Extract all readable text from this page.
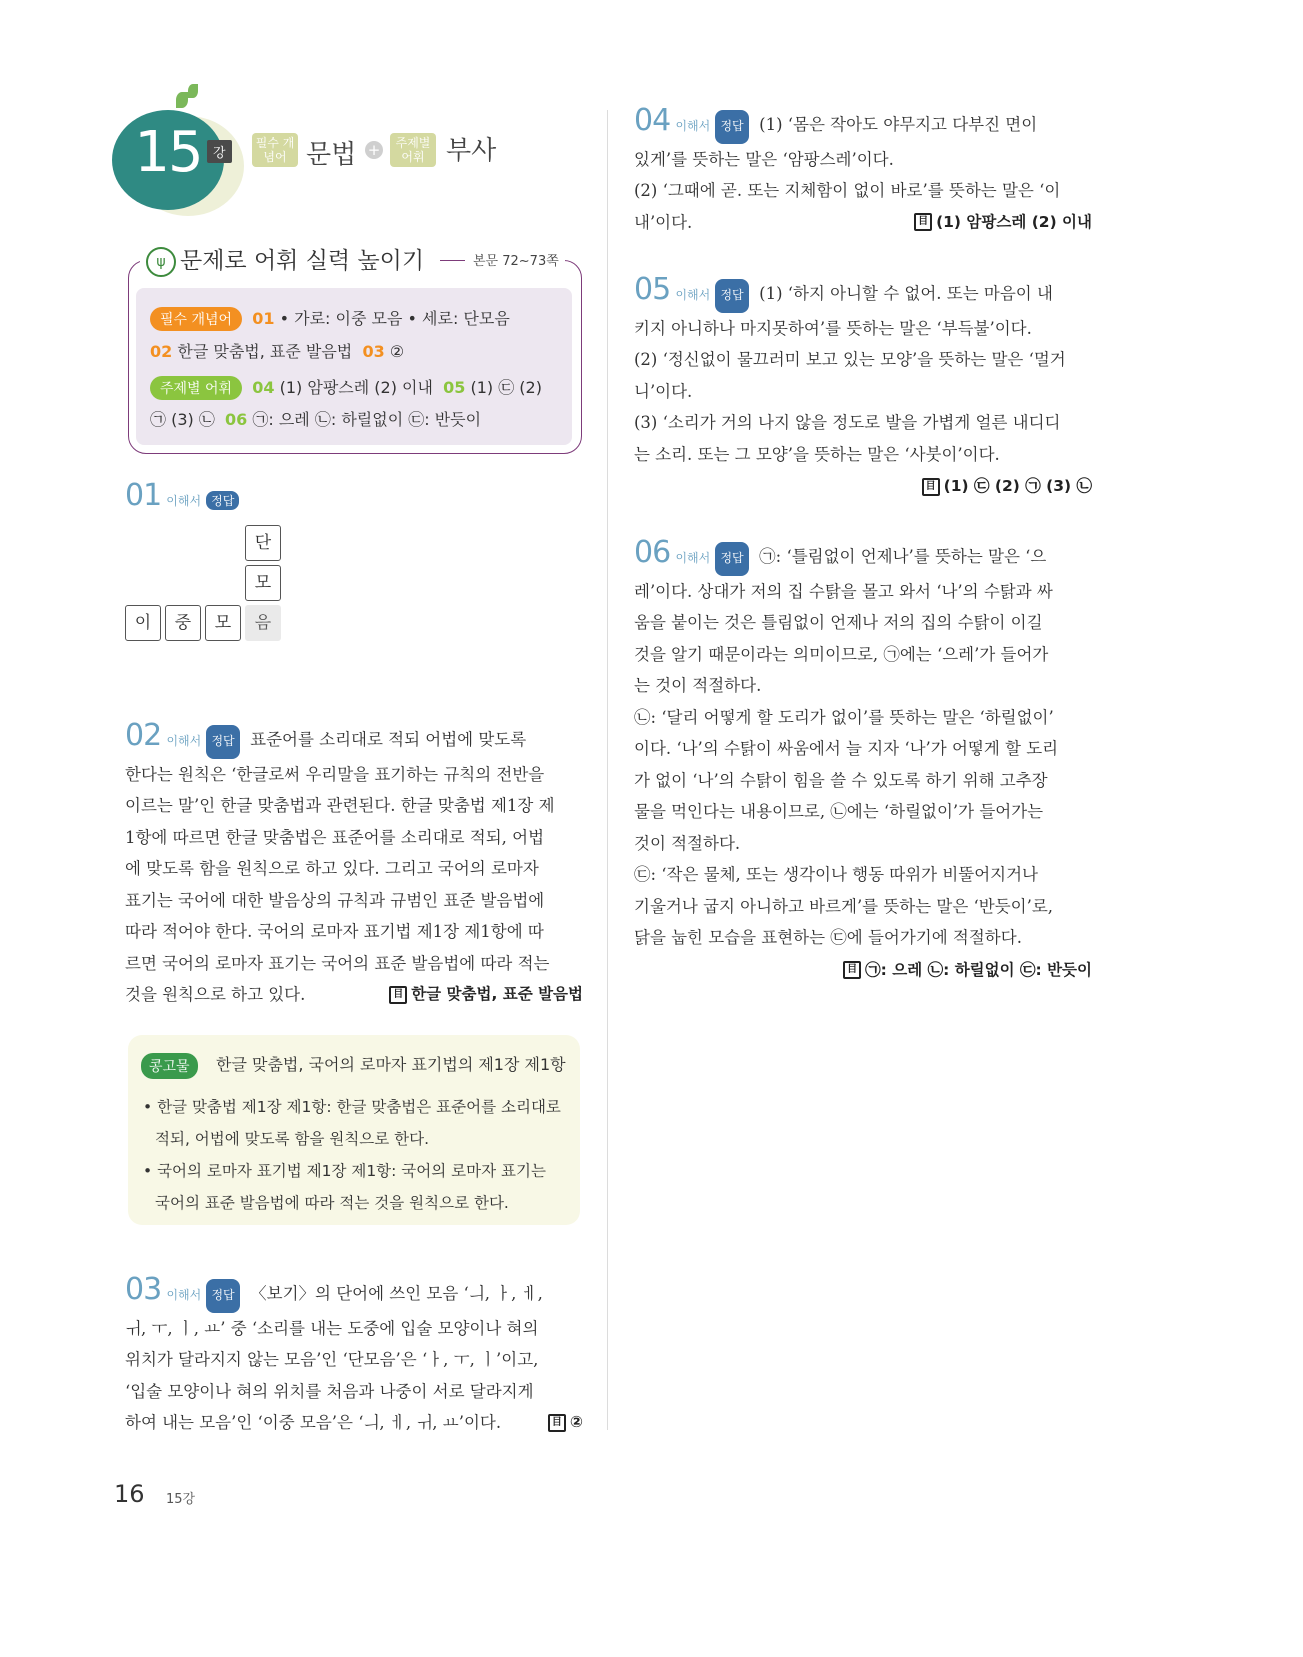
15 강
필수 개념어 문법 +	주제별 어휘 부사
ψ 문제로 어휘 실력 높이기	본문 72~73쪽
필수 개념어 01 • 가로: 이중 모음 • 세로: 단모음
02 한글 맞춤법, 표준 발음법 03 ②
주제별 어휘 04 (1) 암팡스레 (2) 이내 05 (1) ㉢ (2)
㉠ (3) ㉡ 06 ㉠: 으레 ㉡: 하릴없이 ㉢: 반듯이
01 이해서 정답
단
모
이	중	모	음
02 이해서 정답 표준어를 소리대로 적되 어법에 맞도록
한다는 원칙은 ‘한글로써 우리말을 표기하는 규칙의 전반을
이르는 말’인 한글 맞춤법과 관련된다. 한글 맞춤법 제1장 제
1항에 따르면 한글 맞춤법은 표준어를 소리대로 적되, 어법
에 맞도록 함을 원칙으로 하고 있다. 그리고 국어의 로마자
표기는 국어에 대한 발음상의 규칙과 규범인 표준 발음법에
따라 적어야 한다. 국어의 로마자 표기법 제1장 제1항에 따
르면 국어의 로마자 표기는 국어의 표준 발음법에 따라 적는
것을 원칙으로 하고 있다.	目 한글 맞춤법, 표준 발음법
콩고물	한글 맞춤법, 국어의 로마자 표기법의 제1장 제1항
• 한글 맞춤법 제1장 제1항: 한글 맞춤법은 표준어를 소리대로
적되, 어법에 맞도록 함을 원칙으로 한다.
• 국어의 로마자 표기법 제1장 제1항: 국어의 로마자 표기는
국어의 표준 발음법에 따라 적는 것을 원칙으로 한다.
03 이해서 정답 〈보기〉의 단어에 쓰인 모음 ‘ㅢ, ㅏ, ㅔ,
ㅟ, ㅜ, ㅣ, ㅛ’ 중 ‘소리를 내는 도중에 입술 모양이나 혀의
위치가 달라지지 않는 모음’인 ‘단모음’은 ‘ㅏ, ㅜ, ㅣ’이고,
‘입술 모양이나 혀의 위치를 처음과 나중이 서로 달라지게
하여 내는 모음’인 ‘이중 모음’은 ‘ㅢ, ㅔ, ㅟ, ㅛ’이다.	目 ②
04 이해서 정답 (1) ‘몸은 작아도 야무지고 다부진 면이
있게’를 뜻하는 말은 ‘암팡스레’이다.
(2) ‘그때에 곧. 또는 지체함이 없이 바로’를 뜻하는 말은 ‘이
내’이다.	目 (1) 암팡스레 (2) 이내
05 이해서 정답 (1) ‘하지 아니할 수 없어. 또는 마음이 내
키지 아니하나 마지못하여’를 뜻하는 말은 ‘부득불’이다.
(2) ‘정신없이 물끄러미 보고 있는 모양’을 뜻하는 말은 ‘멀거
니’이다.
(3) ‘소리가 거의 나지 않을 정도로 발을 가볍게 얼른 내디디
는 소리. 또는 그 모양’을 뜻하는 말은 ‘사붓이’이다.
目 (1) ㉢ (2) ㉠ (3) ㉡
06 이해서 정답 ㉠: ‘틀림없이 언제나’를 뜻하는 말은 ‘으
레’이다. 상대가 저의 집 수탉을 몰고 와서 ‘나’의 수탉과 싸
움을 붙이는 것은 틀림없이 언제나 저의 집의 수탉이 이길
것을 알기 때문이라는 의미이므로, ㉠에는 ‘으레’가 들어가
는 것이 적절하다.
㉡: ‘달리 어떻게 할 도리가 없이’를 뜻하는 말은 ‘하릴없이’
이다. ‘나’의 수탉이 싸움에서 늘 지자 ‘나’가 어떻게 할 도리
가 없이 ‘나’의 수탉이 힘을 쓸 수 있도록 하기 위해 고추장
물을 먹인다는 내용이므로, ㉡에는 ‘하릴없이’가 들어가는
것이 적절하다.
㉢: ‘작은 물체, 또는 생각이나 행동 따위가 비뚤어지거나
기울거나 굽지 아니하고 바르게’를 뜻하는 말은 ‘반듯이’로,
닭을 눕힌 모습을 표현하는 ㉢에 들어가기에 적절하다.
目 ㉠: 으레 ㉡: 하릴없이 ㉢: 반듯이
16 15강
